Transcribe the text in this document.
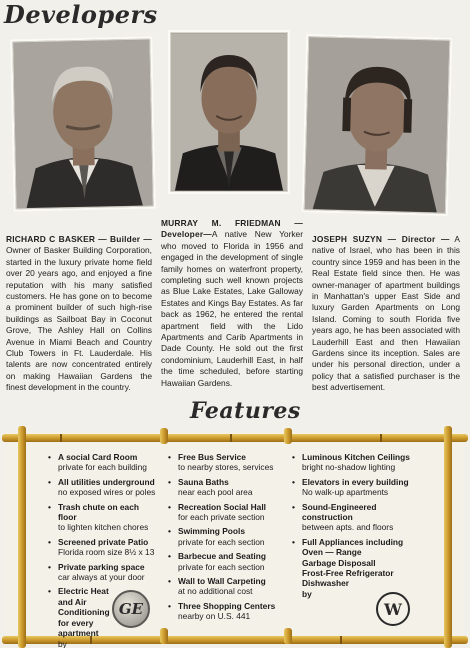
Developers
RICHARD C BASKER — Builder — Owner of Basker Building Corporation, started in the luxury private home field over 20 years ago, and enjoyed a fine reputation with his many satisfied customers. He has gone on to become a prominent builder of such high-rise buildings as Sailboat Bay in Coconut Grove, The Ashley Hall on Collins Avenue in Miami Beach and Country Club Towers in Ft. Lauderdale. His talents are now concentrated entirely on making Hawaiian Gardens the finest development in the country.
MURRAY M. FRIEDMAN — Developer—A native New Yorker who moved to Florida in 1956 and engaged in the development of single family homes on waterfront property, completing such well known projects as Blue Lake Estates, Lake Galloway Estates and Kings Bay Estates. As far back as 1962, he entered the rental apartment field with the Lido Apartments and Carib Apartments in Dade County. He sold out the first condominium, Lauderhill East, in half the time scheduled, before starting Hawaiian Gardens.
JOSEPH SUZYN — Director — A native of Israel, who has been in this country since 1959 and has been in the Real Estate field since then. He was owner-manager of apartment buildings in Manhattan's upper East Side and luxury Garden Apartments on Long Island. Coming to south Florida five years ago, he has been associated with Lauderhill East and then Hawaiian Gardens since its inception. Sales are under his personal direction, under a policy that a satisfied purchaser is the best advertisement.
Features
• A social Card Room
private for each building
• All utilities underground
no exposed wires or poles
• Trash chute on each floor
to lighten kitchen chores
• Screened private Patio
Florida room size 8½ x 13
• Private parking space
car always at your door
• Electric Heat and Air Conditioning for every apartment
by
• Free Bus Service
to nearby stores, services
• Sauna Baths
near each pool area
• Recreation Social Hall
for each private section
• Swimming Pools
private for each section
• Barbecue and Seating
private for each section
• Wall to Wall Carpeting
at no additional cost
• Three Shopping Centers
nearby on U.S. 441
• Luminous Kitchen Ceilings
bright no-shadow lighting
• Elevators in every building
No walk-up apartments
• Sound-Engineered construction
between apts. and floors
• Full Appliances including
Oven — Range
Garbage Disposall
Frost-Free Refrigerator
Dishwasher
by
GE	W
